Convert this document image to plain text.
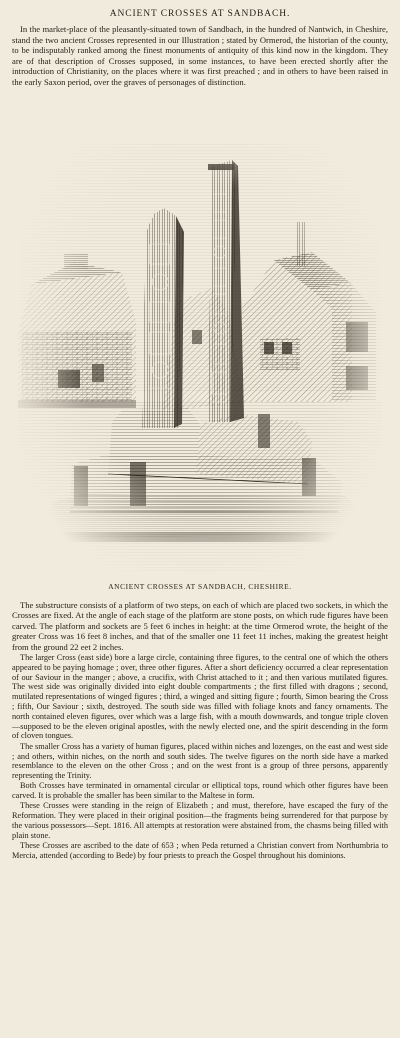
ANCIENT CROSSES AT SANDBACH.

In the market-place of the pleasantly-situated town of Sandbach, in the hundred of Nantwich, in Cheshire, stand the two ancient Crosses represented in our Illustration ; stated by Ormerod, the historian of the county, to be indisputably ranked among the finest monuments of antiquity of this kind now in the kingdom. They are of that description of Crosses supposed, in some instances, to have been erected shortly after the introduction of Christianity, on the places where it was first preached ; and in others to have been raised in the early Saxon period, over the graves of personages of distinction.

ANCIENT CROSSES AT SANDBACH, CHESHIRE.

The substructure consists of a platform of two steps, on each of which are placed two sockets, in which the Crosses are fixed. At the angle of each stage of the platform are stone posts, on which rude figures have been carved. The platform and sockets are 5 feet 6 inches in height: at the time Ormerod wrote, the height of the greater Cross was 16 feet 8 inches, and that of the smaller one 11 feet 11 inches, making the greatest height from the ground 22 eet 2 inches.

The larger Cross (east side) bore a large circle, containing three figures, to the central one of which the others appeared to be paying homage ; over, three other figures. After a short deficiency occurred a clear representation of our Saviour in the manger ; above, a crucifix, with Christ attached to it ; and then various mutilated figures. The west side was originally divided into eight double compartments ; the first filled with dragons ; second, mutilated representations of winged figures ; third, a winged and sitting figure ; fourth, Simon bearing the Cross ; fifth, Our Saviour ; sixth, destroyed. The south side was filled with foliage knots and fancy ornaments. The north contained eleven figures, over which was a large fish, with a mouth downwards, and tongue triple cloven—supposed to be the eleven original apostles, with the newly elected one, and the spirit descending in the form of cloven tongues.

The smaller Cross has a variety of human figures, placed within niches and lozenges, on the east and west side ; and others, within niches, on the north and south sides. The twelve figures on the north side have a marked resemblance to the eleven on the other Cross ; and on the west front is a group of three persons, apparently representing the Trinity.

Both Crosses have terminated in ornamental circular or elliptical tops, round which other figures have been carved. It is probable the smaller has been similar to the Maltese in form.

These Crosses were standing in the reign of Elizabeth ; and must, therefore, have escaped the fury of the Reformation. They were placed in their original position—the fragments being surrendered for that purpose by the various possessors—Sept. 1816. All attempts at restoration were abstained from, the chasms being filled with plain stone.

These Crosses are ascribed to the date of 653 ; when Peda returned a Christian convert from Northumbria to Mercia, attended (according to Bede) by four priests to preach the Gospel throughout his dominions.
